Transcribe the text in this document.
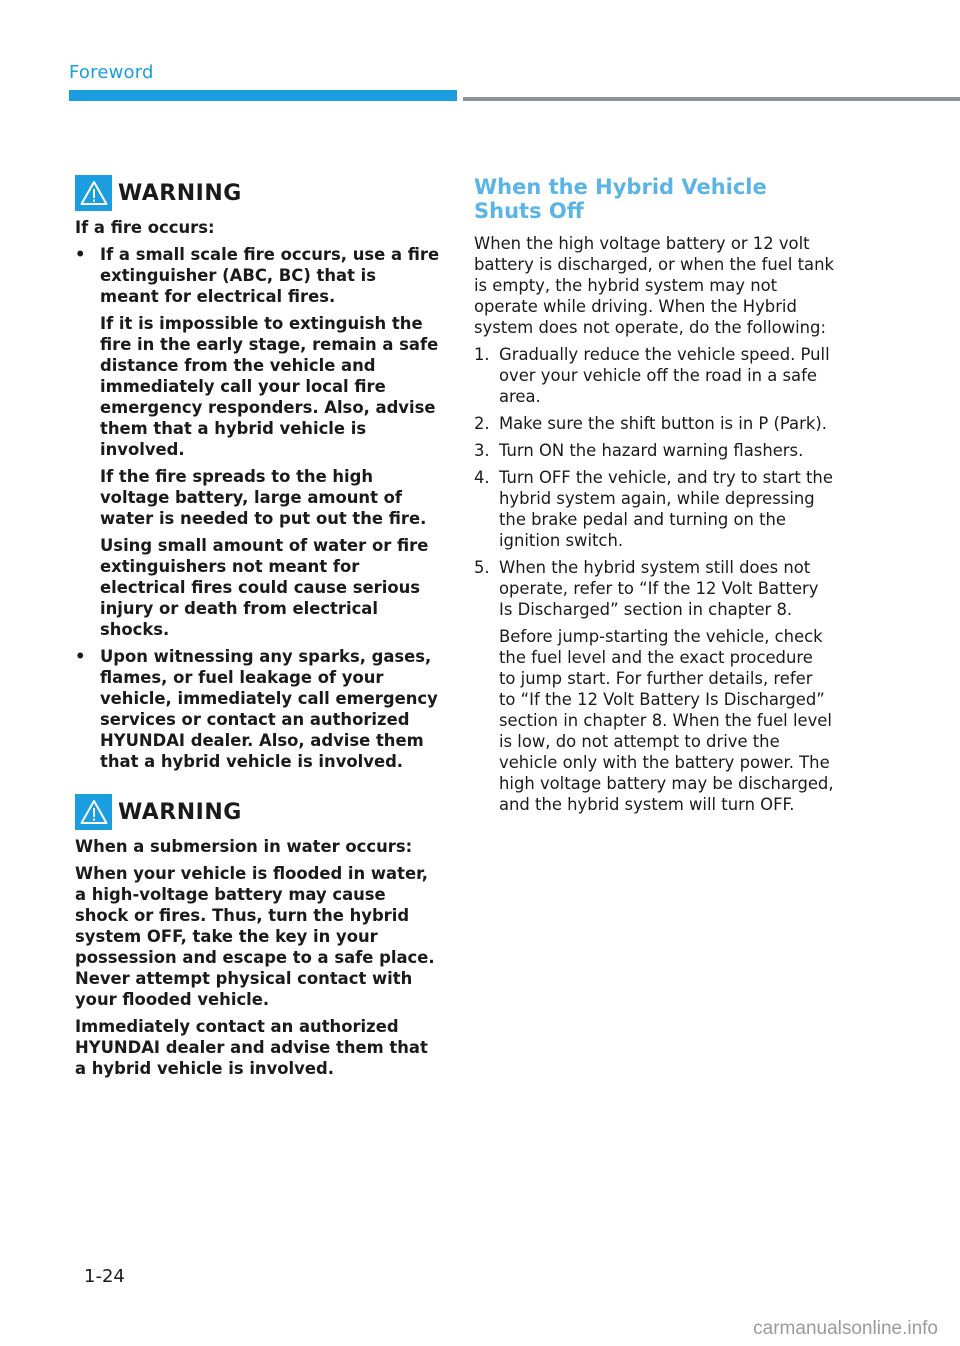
Foreword
WARNING

If a fire occurs:

• If a small scale fire occurs, use a fire extinguisher (ABC, BC) that is meant for electrical fires.

If it is impossible to extinguish the fire in the early stage, remain a safe distance from the vehicle and immediately call your local fire emergency responders. Also, advise them that a hybrid vehicle is involved.

If the fire spreads to the high voltage battery, large amount of water is needed to put out the fire.

Using small amount of water or fire extinguishers not meant for electrical fires could cause serious injury or death from electrical shocks.

• Upon witnessing any sparks, gases, flames, or fuel leakage of your vehicle, immediately call emergency services or contact an authorized HYUNDAI dealer. Also, advise them that a hybrid vehicle is involved.
WARNING

When a submersion in water occurs:

When your vehicle is flooded in water, a high-voltage battery may cause shock or fires. Thus, turn the hybrid system OFF, take the key in your possession and escape to a safe place. Never attempt physical contact with your flooded vehicle.

Immediately contact an authorized HYUNDAI dealer and advise them that a hybrid vehicle is involved.

When the Hybrid Vehicle Shuts Off

When the high voltage battery or 12 volt battery is discharged, or when the fuel tank is empty, the hybrid system may not operate while driving. When the Hybrid system does not operate, do the following:

1. Gradually reduce the vehicle speed. Pull over your vehicle off the road in a safe area.
2. Make sure the shift button is in P (Park).
3. Turn ON the hazard warning flashers.
4. Turn OFF the vehicle, and try to start the hybrid system again, while depressing the brake pedal and turning on the ignition switch.
5. When the hybrid system still does not operate, refer to “If the 12 Volt Battery Is Discharged” section in chapter 8.

Before jump-starting the vehicle, check the fuel level and the exact procedure to jump start. For further details, refer to “If the 12 Volt Battery Is Discharged” section in chapter 8. When the fuel level is low, do not attempt to drive the vehicle only with the battery power. The high voltage battery may be discharged, and the hybrid system will turn OFF.

1-24
carmanualsonline.info
